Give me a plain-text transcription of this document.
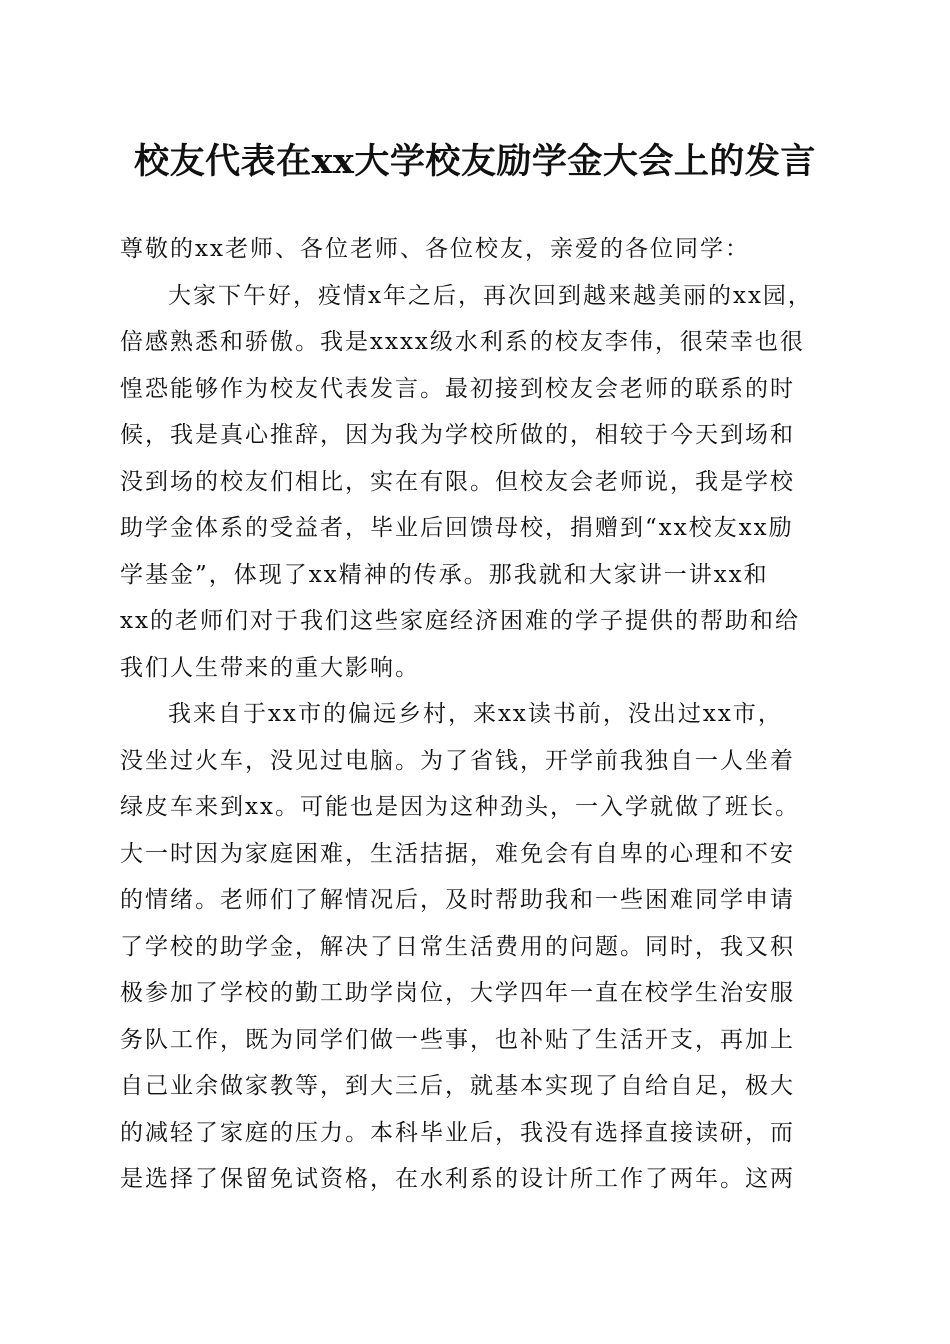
校友代表在xx大学校友励学金大会上的发言
尊敬的xx老师、各位老师、各位校友，亲爱的各位同学：
大家下午好，疫情x年之后，再次回到越来越美丽的xx园，
倍感熟悉和骄傲。我是xxxx级水利系的校友李伟，很荣幸也很
惶恐能够作为校友代表发言。最初接到校友会老师的联系的时
候，我是真心推辞，因为我为学校所做的，相较于今天到场和
没到场的校友们相比，实在有限。但校友会老师说，我是学校
助学金体系的受益者，毕业后回馈母校，捐赠到“xx校友xx励
学基金”，体现了xx精神的传承。那我就和大家讲一讲xx和
xx的老师们对于我们这些家庭经济困难的学子提供的帮助和给
我们人生带来的重大影响。
我来自于xx市的偏远乡村，来xx读书前，没出过xx市，
没坐过火车，没见过电脑。为了省钱，开学前我独自一人坐着
绿皮车来到xx。可能也是因为这种劲头，一入学就做了班长。
大一时因为家庭困难，生活拮据，难免会有自卑的心理和不安
的情绪。老师们了解情况后，及时帮助我和一些困难同学申请
了学校的助学金，解决了日常生活费用的问题。同时，我又积
极参加了学校的勤工助学岗位，大学四年一直在校学生治安服
务队工作，既为同学们做一些事，也补贴了生活开支，再加上
自己业余做家教等，到大三后，就基本实现了自给自足，极大
的减轻了家庭的压力。本科毕业后，我没有选择直接读研，而
是选择了保留免试资格，在水利系的设计所工作了两年。这两
